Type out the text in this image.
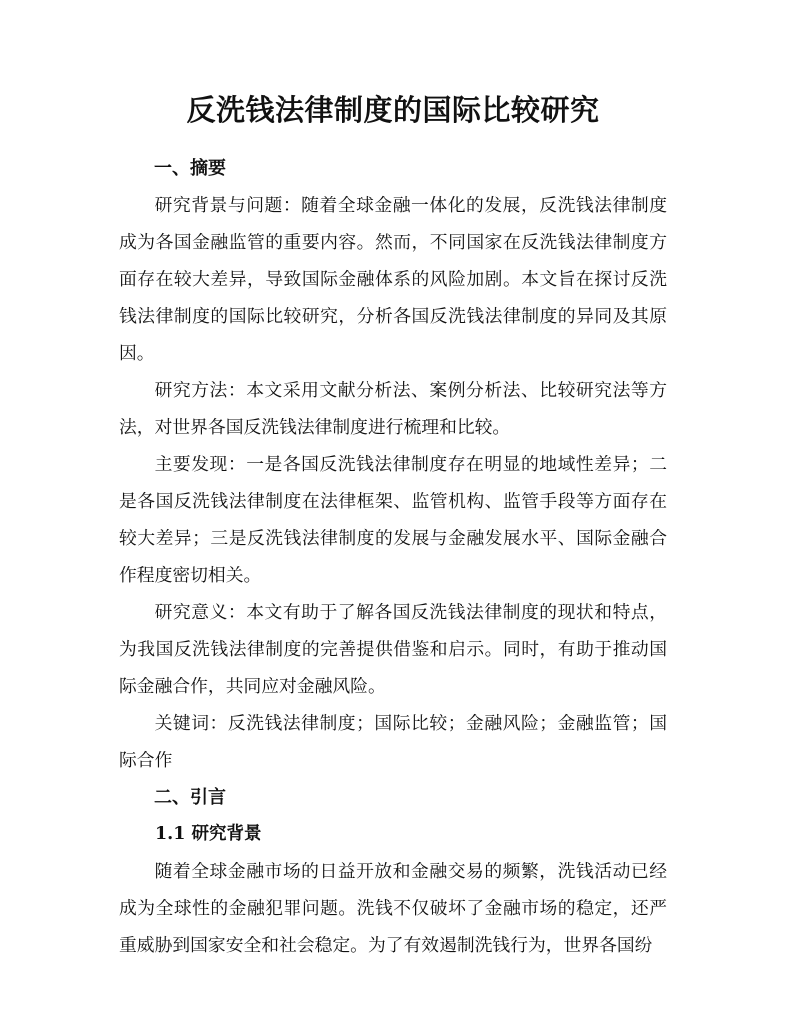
反洗钱法律制度的国际比较研究
一、摘要

研究背景与问题：随着全球金融一体化的发展，反洗钱法律制度成为各国金融监管的重要内容。然而，不同国家在反洗钱法律制度方面存在较大差异，导致国际金融体系的风险加剧。本文旨在探讨反洗钱法律制度的国际比较研究，分析各国反洗钱法律制度的异同及其原因。

研究方法：本文采用文献分析法、案例分析法、比较研究法等方法，对世界各国反洗钱法律制度进行梳理和比较。

主要发现：一是各国反洗钱法律制度存在明显的地域性差异；二是各国反洗钱法律制度在法律框架、监管机构、监管手段等方面存在较大差异；三是反洗钱法律制度的发展与金融发展水平、国际金融合作程度密切相关。

研究意义：本文有助于了解各国反洗钱法律制度的现状和特点，为我国反洗钱法律制度的完善提供借鉴和启示。同时，有助于推动国际金融合作，共同应对金融风险。

关键词：反洗钱法律制度；国际比较；金融风险；金融监管；国际合作

二、引言
1.1 研究背景

随着全球金融市场的日益开放和金融交易的频繁，洗钱活动已经成为全球性的金融犯罪问题。洗钱不仅破坏了金融市场的稳定，还严重威胁到国家安全和社会稳定。为了有效遏制洗钱行为，世界各国纷
